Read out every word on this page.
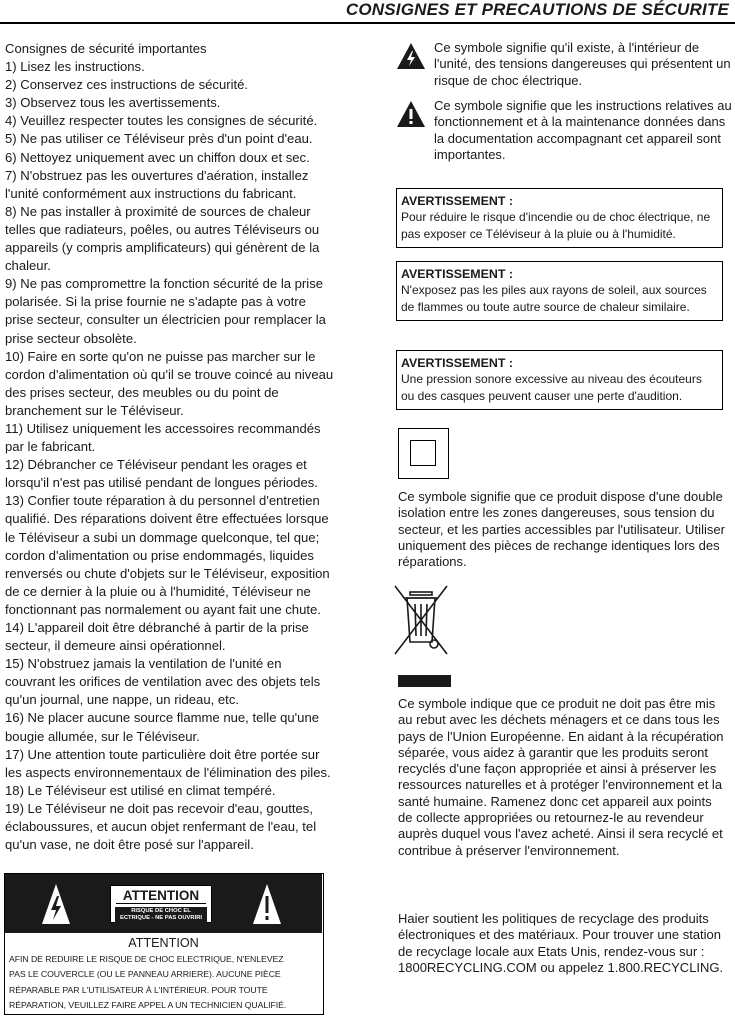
CONSIGNES ET PRECAUTIONS DE SÉCURITE
Consignes de sécurité importantes
1) Lisez les instructions.
2) Conservez ces instructions de sécurité.
3) Observez tous les avertissements.
4) Veuillez respecter toutes les consignes de sécurité.
5) Ne pas utiliser ce Téléviseur près d'un point d'eau.
6) Nettoyez uniquement avec un chiffon doux et sec.
7) N'obstruez pas les ouvertures d'aération, installez
l'unité conformément aux instructions du fabricant.
8) Ne pas installer à proximité de sources de chaleur
telles que radiateurs, poêles, ou autres Téléviseurs ou
appareils (y compris amplificateurs) qui génèrent de la
chaleur.
9) Ne pas compromettre la fonction sécurité de la prise
polarisée. Si la prise fournie ne s'adapte pas à votre
prise secteur, consulter un électricien pour remplacer la
prise secteur obsolète.
10) Faire en sorte qu'on ne puisse pas marcher sur le
cordon d'alimentation où qu'il se trouve coincé au niveau
des prises secteur, des meubles ou du point de
branchement sur le Téléviseur.
11) Utilisez uniquement les accessoires recommandés
par le fabricant.
12) Débrancher ce Téléviseur pendant les orages et
lorsqu'il n'est pas utilisé pendant de longues périodes.
13) Confier toute réparation à du personnel d'entretien
qualifié. Des réparations doivent être effectuées lorsque
le Téléviseur a subi un dommage quelconque, tel que;
cordon d'alimentation ou prise endommagés, liquides
renversés ou chute d'objets sur le Téléviseur, exposition
de ce dernier à la pluie ou à l'humidité, Téléviseur ne
fonctionnant pas normalement ou ayant fait une chute.
14) L'appareil doit être débranché à partir de la prise
secteur, il demeure ainsi opérationnel.
15) N'obstruez jamais la ventilation de l'unité en
couvrant les orifices de ventilation avec des objets tels
qu'un journal, une nappe, un rideau, etc.
16) Ne placer aucune source flamme nue, telle qu'une
bougie allumée, sur le Téléviseur.
17) Une attention toute particulière doit être portée sur
les aspects environnementaux de l'élimination des piles.
18) Le Téléviseur est utilisé en climat tempéré.
19) Le Téléviseur ne doit pas recevoir d'eau, gouttes,
éclaboussures, et aucun objet renfermant de l'eau, tel
qu'un vase, ne doit être posé sur l'appareil.
Ce symbole signifie qu'il existe, à l'intérieur de l'unité, des tensions dangereuses qui présentent un risque de choc électrique.
Ce symbole signifie que les instructions relatives au fonctionnement et à la maintenance données dans la documentation accompagnant cet appareil sont importantes.
AVERTISSEMENT :
Pour réduire le risque d'incendie ou de choc électrique, ne pas exposer ce Téléviseur à la pluie ou à l'humidité.
AVERTISSEMENT :
N'exposez pas les piles aux rayons de soleil, aux sources de flammes ou toute autre source de chaleur similaire.
AVERTISSEMENT :
Une pression sonore excessive au niveau des écouteurs ou des casques peuvent causer une perte d'audition.
Ce symbole signifie que ce produit dispose d'une double isolation entre les zones dangereuses, sous tension du secteur, et les parties accessibles par l'utilisateur. Utiliser uniquement des pièces de rechange identiques lors des réparations.
Ce symbole indique que ce produit ne doit pas être mis au rebut avec les déchets ménagers et ce dans tous les pays de l'Union Européenne. En aidant à la récupération séparée, vous aidez à garantir que les produits seront recyclés d'une façon appropriée et ainsi à préserver les ressources naturelles et à protéger l'environnement et la santé humaine. Ramenez donc cet appareil aux points de collecte appropriées ou retournez-le au revendeur auprès duquel vous l'avez acheté. Ainsi il sera recyclé et contribue à préserver l'environnement.
Haier soutient les politiques de recyclage des produits électroniques et des matériaux. Pour trouver une station de recyclage locale aux Etats Unis, rendez-vous sur : 1800RECYCLING.COM ou appelez 1.800.RECYCLING.
ATTENTION
RISQUE DE CHOC EL
ECTRIQUE - NE PAS OUVRIRI
ATTENTION
AFIN DE REDUIRE LE RISQUE DE CHOC ELECTRIQUE, N'ENLEVEZ
PAS LE COUVERCLE (OU LE PANNEAU ARRIERE). AUCUNE PIÈCE
RÉPARABLE PAR L'UTILISATEUR À L'INTÉRIEUR. POUR TOUTE
RÉPARATION, VEUILLEZ FAIRE APPEL A UN TECHNICIEN QUALIFIÉ.
